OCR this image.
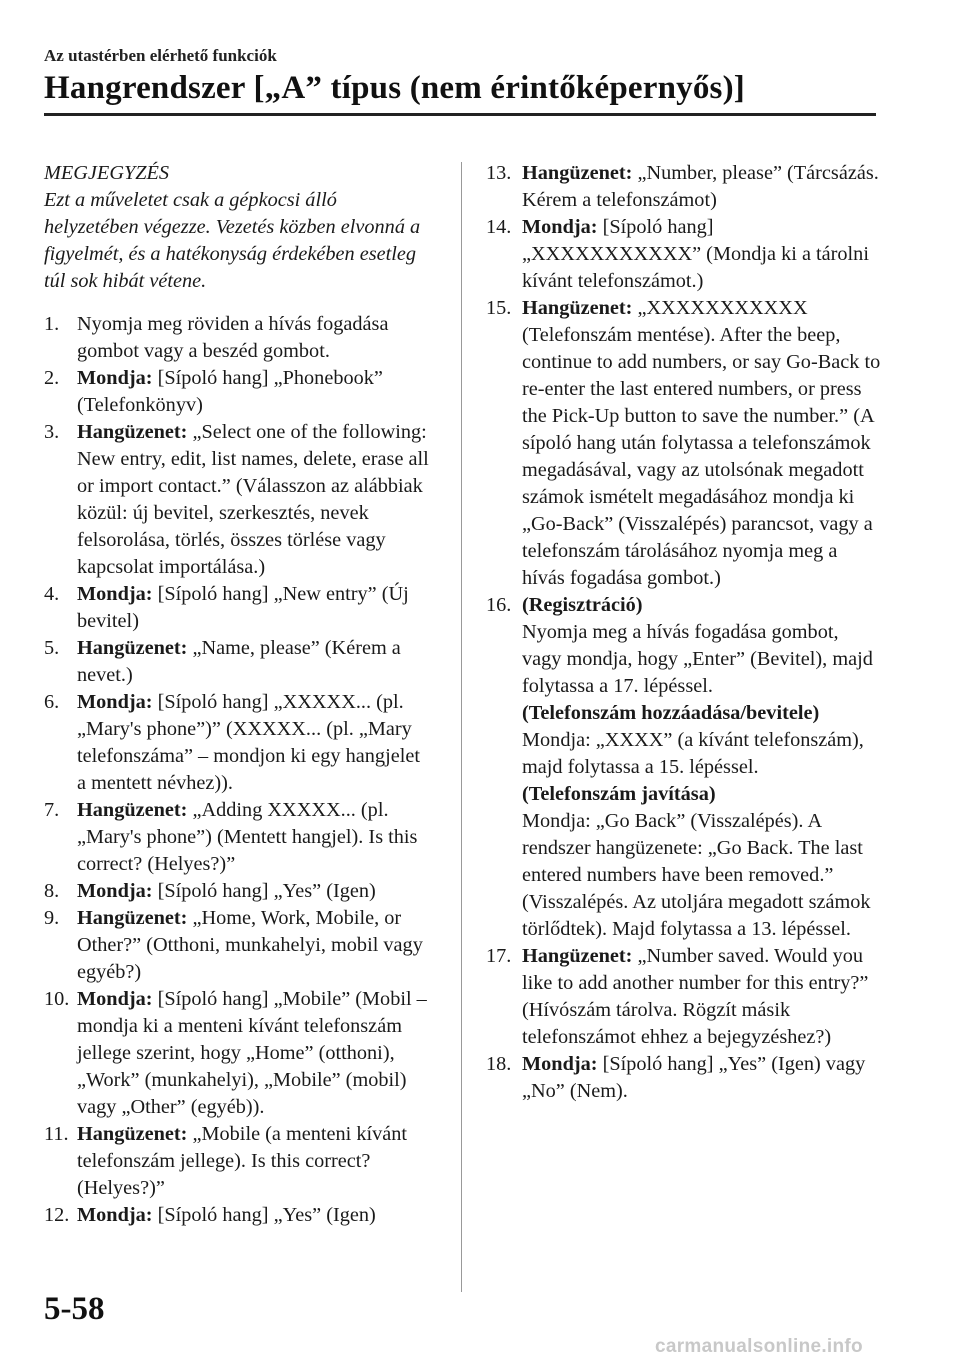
Az utastérben elérhető funkciók
Hangrendszer [„A” típus (nem érintőképernyős)]
MEGJEGYZÉS
Ezt a műveletet csak a gépkocsi álló helyzetében végezze. Vezetés közben elvonná a figyelmét, és a hatékonyság érdekében esetleg túl sok hibát vétene.
1. Nyomja meg röviden a hívás fogadása gombot vagy a beszéd gombot.
2. Mondja: [Sípoló hang] „Phonebook” (Telefonkönyv)
3. Hangüzenet: „Select one of the following: New entry, edit, list names, delete, erase all or import contact.” (Válasszon az alábbiak közül: új bevitel, szerkesztés, nevek felsorolása, törlés, összes törlése vagy kapcsolat importálása.)
4. Mondja: [Sípoló hang] „New entry” (Új bevitel)
5. Hangüzenet: „Name, please” (Kérem a nevet.)
6. Mondja: [Sípoló hang] „XXXXX... (pl. „Mary's phone”)” (XXXXX... (pl. „Mary telefonszáma” – mondjon ki egy hangjelet a mentett névhez)).
7. Hangüzenet: „Adding XXXXX... (pl. „Mary's phone”) (Mentett hangjel). Is this correct? (Helyes?)”
8. Mondja: [Sípoló hang] „Yes” (Igen)
9. Hangüzenet: „Home, Work, Mobile, or Other?” (Otthoni, munkahelyi, mobil vagy egyéb?)
10. Mondja: [Sípoló hang] „Mobile” (Mobil – mondja ki a menteni kívánt telefonszám jellege szerint, hogy „Home” (otthoni), „Work” (munkahelyi), „Mobile” (mobil) vagy „Other” (egyéb)).
11. Hangüzenet: „Mobile (a menteni kívánt telefonszám jellege). Is this correct? (Helyes?)”
12. Mondja: [Sípoló hang] „Yes” (Igen)
13. Hangüzenet: „Number, please” (Tárcsázás. Kérem a telefonszámot)
14. Mondja: [Sípoló hang] „XXXXXXXXXXX” (Mondja ki a tárolni kívánt telefonszámot.)
15. Hangüzenet: „XXXXXXXXXXX (Telefonszám mentése). After the beep, continue to add numbers, or say Go-Back to re-enter the last entered numbers, or press the Pick-Up button to save the number.” (A sípoló hang után folytassa a telefonszámok megadásával, vagy az utolsónak megadott számok ismételt megadásához mondja ki „Go-Back” (Visszalépés) parancsot, vagy a telefonszám tárolásához nyomja meg a hívás fogadása gombot.)
16. (Regisztráció)
Nyomja meg a hívás fogadása gombot, vagy mondja, hogy „Enter” (Bevitel), majd folytassa a 17. lépéssel.
(Telefonszám hozzáadása/bevitele)
Mondja: „XXXX” (a kívánt telefonszám), majd folytassa a 15. lépéssel.
(Telefonszám javítása)
Mondja: „Go Back” (Visszalépés). A rendszer hangüzenete: „Go Back. The last entered numbers have been removed.” (Visszalépés. Az utoljára megadott számok törlődtek). Majd folytassa a 13. lépéssel.
17. Hangüzenet: „Number saved. Would you like to add another number for this entry?” (Hívószám tárolva. Rögzít másik telefonszámot ehhez a bejegyzéshez?)
18. Mondja: [Sípoló hang] „Yes” (Igen) vagy „No” (Nem).
5-58
carmanualsonline.info
